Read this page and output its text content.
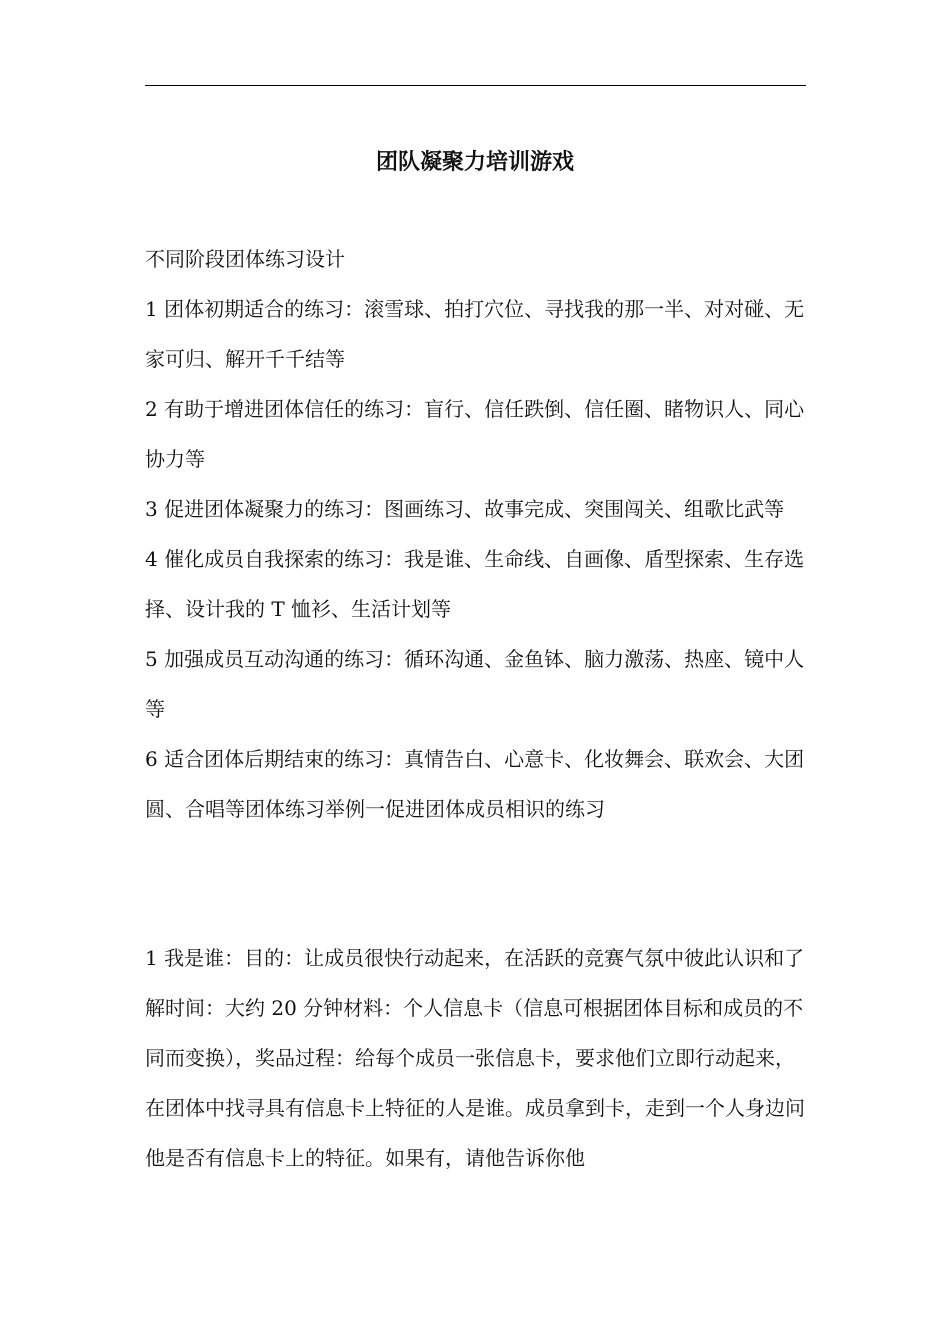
团队凝聚力培训游戏

不同阶段团体练习设计

1 团体初期适合的练习：滚雪球、拍打穴位、寻找我的那一半、对对碰、无家可归、解开千千结等

2 有助于增进团体信任的练习：盲行、信任跌倒、信任圈、睹物识人、同心协力等

3 促进团体凝聚力的练习：图画练习、故事完成、突围闯关、组歌比武等

4 催化成员自我探索的练习：我是谁、生命线、自画像、盾型探索、生存选择、设计我的 T 恤衫、生活计划等

5 加强成员互动沟通的练习：循环沟通、金鱼钵、脑力激荡、热座、镜中人等

6 适合团体后期结束的练习：真情告白、心意卡、化妆舞会、联欢会、大团圆、合唱等团体练习举例一促进团体成员相识的练习

1 我是谁：目的：让成员很快行动起来，在活跃的竞赛气氛中彼此认识和了解时间：大约 20 分钟材料：个人信息卡（信息可根据团体目标和成员的不同而变换），奖品过程：给每个成员一张信息卡，要求他们立即行动起来，在团体中找寻具有信息卡上特征的人是谁。成员拿到卡，走到一个人身边问他是否有信息卡上的特征。如果有，请他告诉你他
